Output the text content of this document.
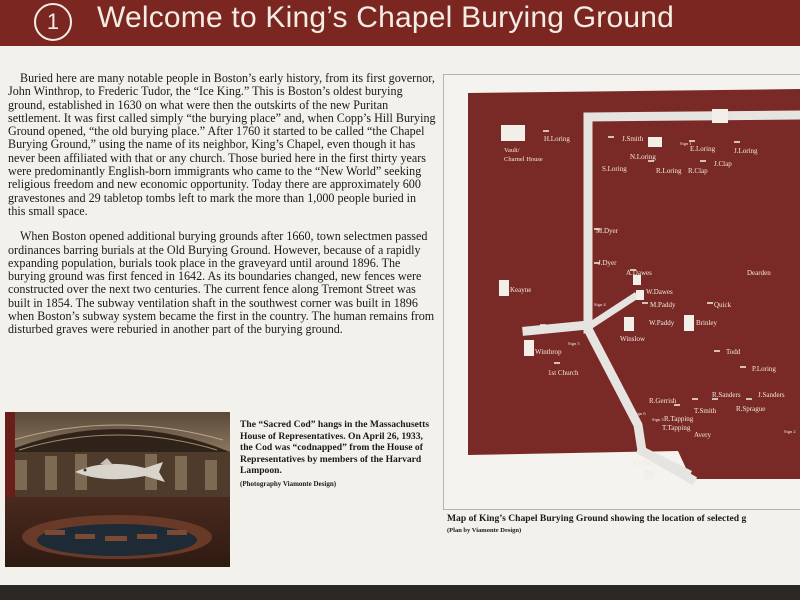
1	Welcome to King’s Chapel Burying Ground

Buried here are many notable people in Boston’s early history, from its first governor, John Winthrop, to Frederic Tudor, the “Ice King.” This is Boston’s oldest burying ground, established in 1630 on what were then the outskirts of the new Puritan settlement. It was first called simply “the burying place” and, when Copp’s Hill Burying Ground opened, “the old burying place.” After 1760 it started to be called “the Chapel Burying Ground,” using the name of its neighbor, King’s Chapel, even though it has never been affiliated with that or any church. Those buried here in the first thirty years were predominantly English-born immigrants who came to the “New World” seeking religious freedom and new economic opportunity. Today there are approximately 600 gravestones and 29 tabletop tombs left to mark the more than 1,000 people buried in this small space.

When Boston opened additional burying grounds after 1660, town selectmen passed ordinances barring burials at the Old Burying Ground. However, because of a rapidly expanding population, burials took place in the graveyard until around 1896. The burying ground was first fenced in 1642. As its boundaries changed, new fences were constructed over the next two centuries. The current fence along Tremont Street was built in 1854. The subway ventilation shaft in the southwest corner was built in 1896 when Boston’s subway system became the first in the country. The human remains from disturbed graves were reburied in another part of the burying ground.

The “Sacred Cod” hangs in the Massachusetts House of Representatives. On April 26, 1933, the Cod was “codnapped” from the House of Representatives by members of the Harvard Lampoon.
(Photography Viamonte Design)
Tudor
Vault/
Charnel House
H.Loring	J.Smith
Sign 1
E.Loring	J.Loring
N.Loring
J.Clap
S.Loring	R.Loring R.Clap
M.Dyer
J.Dyer
A.Dawes	Dearden
Keayne	W.Dawes
Sign 4	M.Paddy	Quick
W.Paddy	Brinley
Winslow
Sign 5
Winthrop	Todd
P.Loring
1st Church
R.Gerrish
R.Sanders J.Sanders
T.Smith	R.Sprague
Sign 2
Sign 6
Sign 3 R.Tapping
T.Tapping
Avery
Gedney
Map of King’s Chapel Burying Ground showing the location of selected g
(Plan by Viamonte Design)
